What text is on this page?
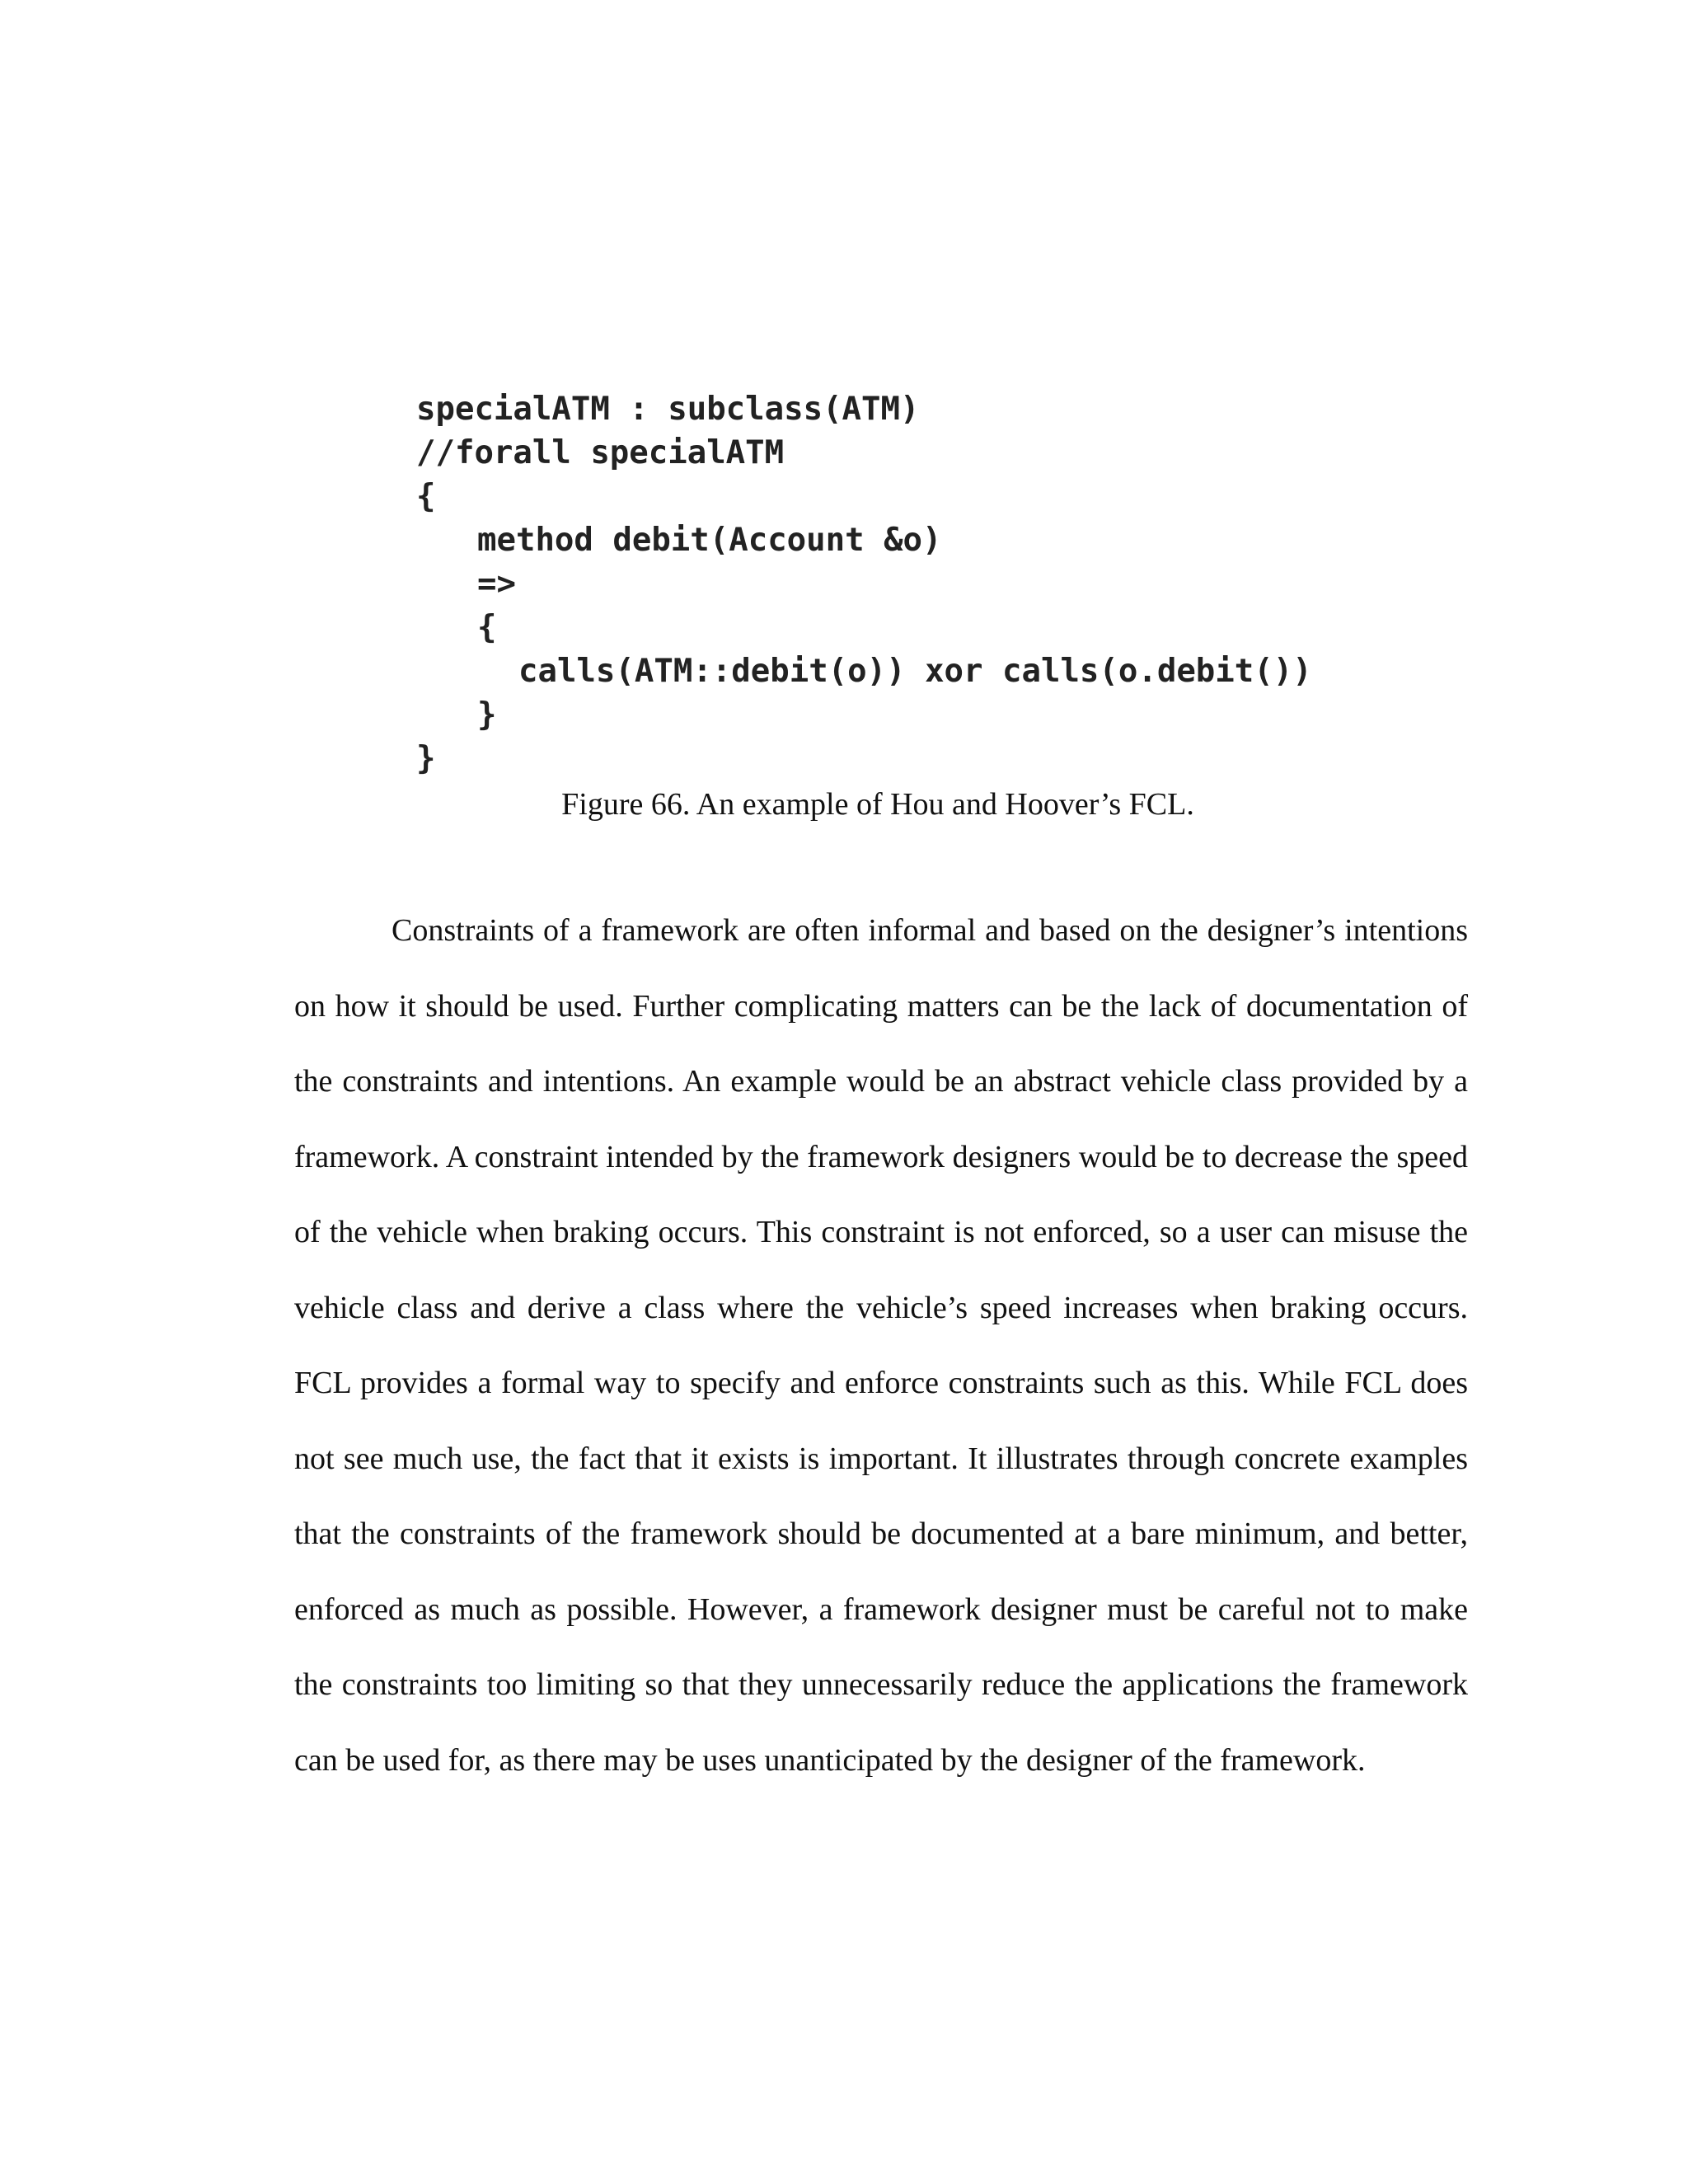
specialATM : subclass(ATM)
//forall specialATM
{
method debit(Account &o)
=>
{
calls(ATM::debit(o)) xor calls(o.debit())
}
}
Figure 66. An example of Hou and Hoover’s FCL.

Constraints of a framework are often informal and based on the designer’s intentions on how it should be used. Further complicating matters can be the lack of documentation of the constraints and intentions. An example would be an abstract vehicle class provided by a framework. A constraint intended by the framework designers would be to decrease the speed of the vehicle when braking occurs. This constraint is not enforced, so a user can misuse the vehicle class and derive a class where the vehicle’s speed increases when braking occurs. FCL provides a formal way to specify and enforce constraints such as this. While FCL does not see much use, the fact that it exists is important. It illustrates through concrete examples that the constraints of the framework should be documented at a bare minimum, and better, enforced as much as possible. However, a framework designer must be careful not to make the constraints too limiting so that they unnecessarily reduce the applications the framework can be used for, as there may be uses unanticipated by the designer of the framework.
